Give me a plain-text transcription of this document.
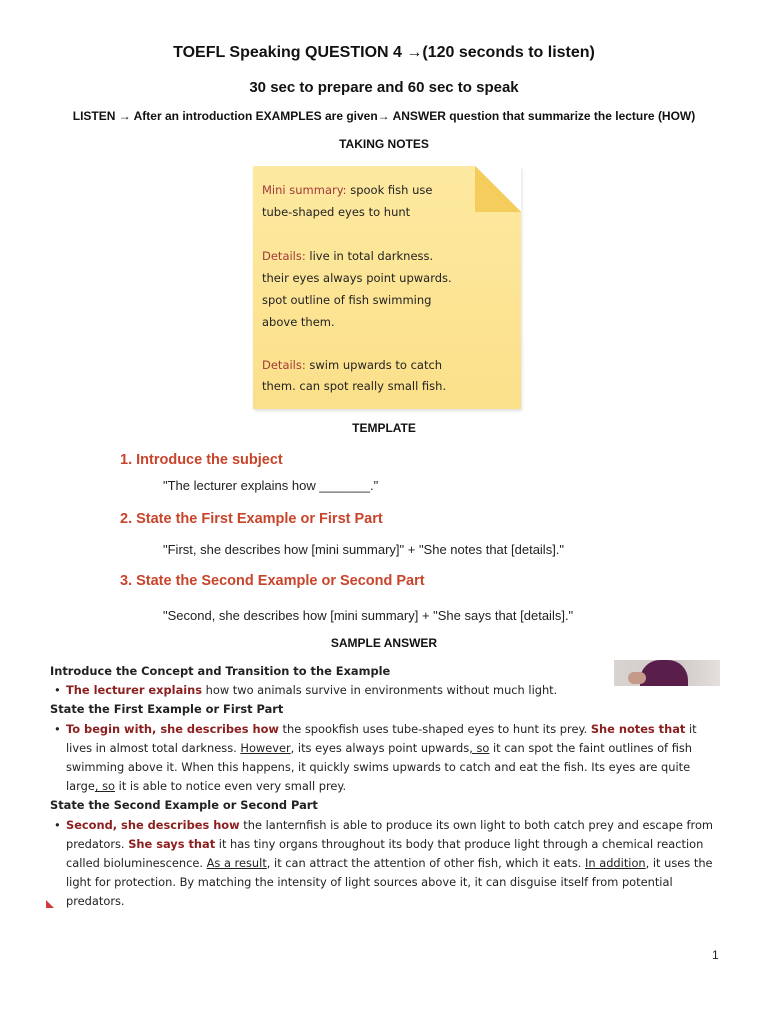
TOEFL Speaking QUESTION 4 →(120 seconds to listen)

30 sec to prepare and 60 sec to speak

LISTEN → After an introduction EXAMPLES are given→ ANSWER question that summarize the lecture (HOW)

TAKING NOTES

Mini summary: spook fish use

tube-shaped eyes to hunt

Details: live in total darkness.

their eyes always point upwards.

spot outline of fish swimming

above them.

Details: swim upwards to catch

them. can spot really small fish.

TEMPLATE

1. Introduce the subject

"The lecturer explains how _______."

2. State the First Example or First Part

"First, she describes how [mini summary]" + "She notes that [details]."

3. State the Second Example or Second Part

"Second, she describes how [mini summary] + "She says that [details]."

SAMPLE ANSWER

Introduce the Concept and Transition to the Example

• The lecturer explains how two animals survive in environments without much light.

State the First Example or First Part

• To begin with, she describes how the spookfish uses tube-shaped eyes to hunt its prey. She notes that it lives in almost total darkness. However, its eyes always point upwards, so it can spot the faint outlines of fish swimming above it. When this happens, it quickly swims upwards to catch and eat the fish. Its eyes are quite large, so it is able to notice even very small prey.

State the Second Example or Second Part

• Second, she describes how the lanternfish is able to produce its own light to both catch prey and escape from predators. She says that it has tiny organs throughout its body that produce light through a chemical reaction called bioluminescence. As a result, it can attract the attention of other fish, which it eats. In addition, it uses the light for protection. By matching the intensity of light sources above it, it can disguise itself from potential predators.

1
